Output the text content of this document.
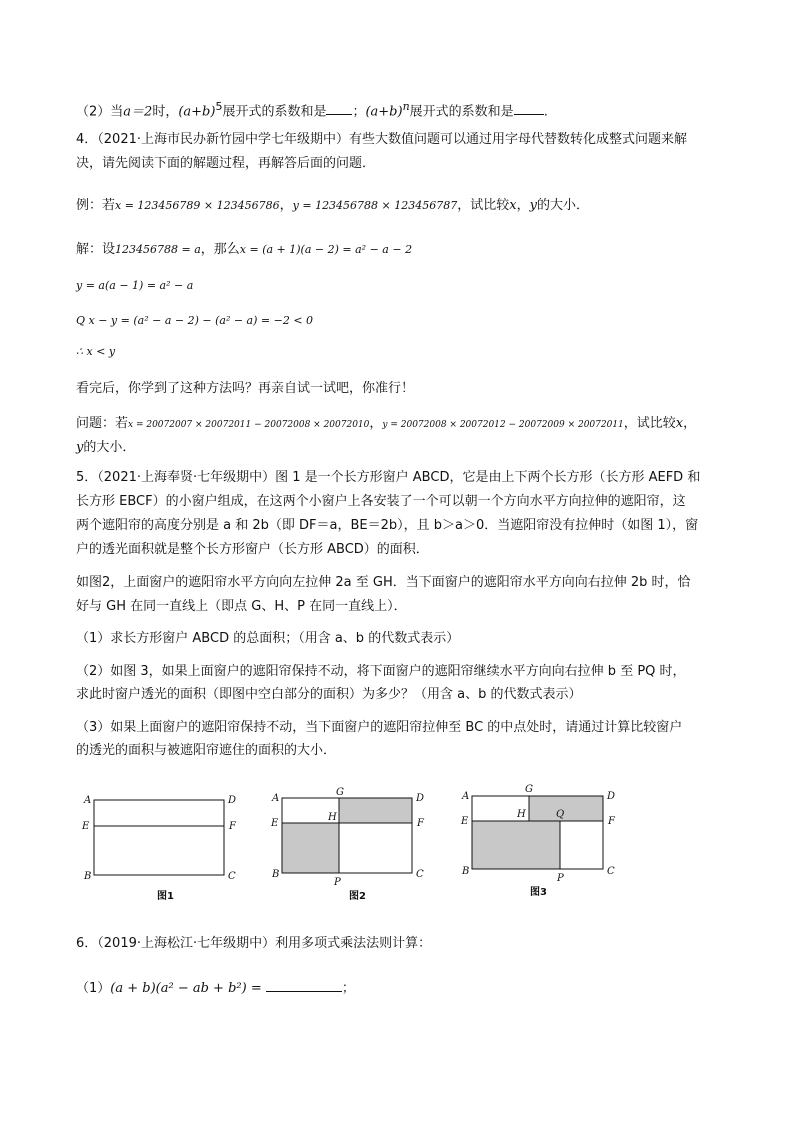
（2）当a＝2时，$(a+b)^5$展开式的系数和是 ；$(a+b)^n$展开式的系数和是 .
4．（2021·上海市民办新竹园中学七年级期中）有些大数值问题可以通过用字母代替数转化成整式问题来解
决，请先阅读下面的解题过程，再解答后面的问题．
例：若x = 123456789 × 123456786，y = 123456788 × 123456787，试比较x，y的大小．
解：设123456788 = a，那么x = (a + 1)(a − 2) = a² − a − 2
y = a(a − 1) = a² − a
Q x − y = (a² − a − 2) − (a² − a) = −2 < 0
∴ x < y
看完后，你学到了这种方法吗？再亲自试一试吧，你准行！
问题：若x = 20072007 × 20072011 − 20072008 × 20072010，y = 20072008 × 20072012 − 20072009 × 20072011，试比较x，
y的大小．
5．（2021·上海奉贤·七年级期中）图 1 是一个长方形窗户 ABCD，它是由上下两个长方形（长方形 AEFD 和
长方形 EBCF）的小窗户组成，在这两个小窗户上各安装了一个可以朝一个方向水平方向拉伸的遮阳帘，这
两个遮阳帘的高度分别是 a 和 2b（即 DF＝a，BE＝2b），且 b＞a＞0．当遮阳帘没有拉伸时（如图 1），窗
户的透光面积就是整个长方形窗户（长方形 ABCD）的面积．
如图2，上面窗户的遮阳帘水平方向向左拉伸 2a 至 GH．当下面窗户的遮阳帘水平方向向右拉伸 2b 时，恰
好与 GH 在同一直线上（即点 G、H、P 在同一直线上）．
（1）求长方形窗户 ABCD 的总面积；（用含 a、b 的代数式表示）
（2）如图 3，如果上面窗户的遮阳帘保持不动，将下面窗户的遮阳帘继续水平方向向右拉伸 b 至 PQ 时，
求此时窗户透光的面积（即图中空白部分的面积）为多少？（用含 a、b 的代数式表示）
（3）如果上面窗户的遮阳帘保持不动，当下面窗户的遮阳帘拉伸至 BC 的中点处时，请通过计算比较窗户
的透光的面积与被遮阳帘遮住的面积的大小．
A	D
E	F
B	C
图1
A
G
D
E
H
F
B
P
C
图2
A
G
D
E
H	Q
F
B
P
C
图3
6．（2019·上海松江·七年级期中）利用多项式乘法法则计算：
（1）(a + b)(a² − ab + b²) =	；
